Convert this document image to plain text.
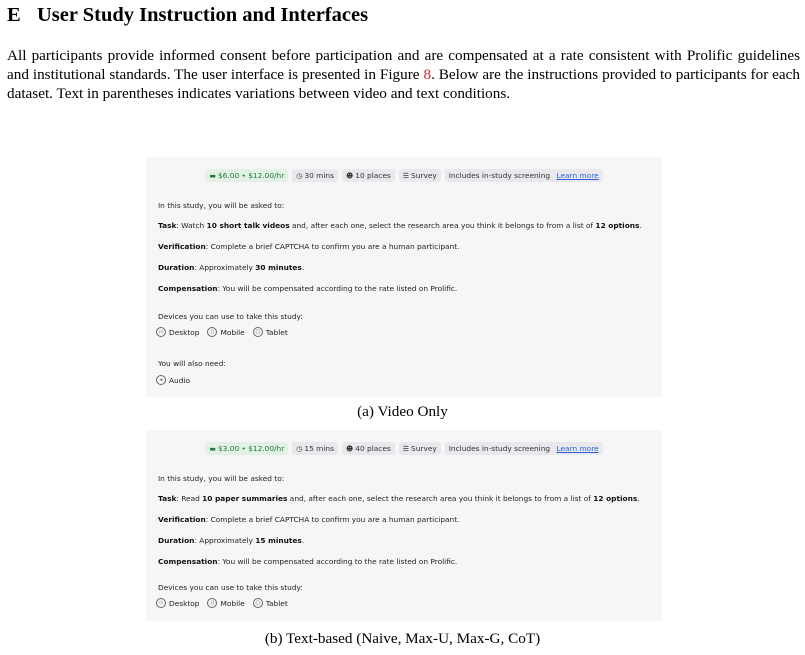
E User Study Instruction and Interfaces
All participants provide informed consent before participation and are compensated at a rate consistent with Prolific guidelines and institutional standards. The user interface is presented in Figure 8. Below are the instructions provided to participants for each dataset. Text in parentheses indicates variations between video and text conditions.
▬ $6.00 • $12.00/hr ◷ 30 mins ☻ 10 places ☰ Survey Includes in-study screening
Learn more
In this study, you will be asked to:
Task: Watch 10 short talk videos and, after each one, select the research area you think it belongs to from a list of 12 options.
Verification: Complete a brief CAPTCHA to confirm you are a human participant.
Duration: Approximately 30 minutes.
Compensation: You will be compensated according to the rate listed on Prolific.
Devices you can use to take this study:
▭ Desktop	▯ Mobile	▢ Tablet
You will also need:
◂ Audio
(a) Video Only
▬ $3.00 • $12.00/hr ◷ 15 mins ☻ 40 places ☰ Survey Includes in-study screening
Learn more
In this study, you will be asked to:
Task: Read 10 paper summaries and, after each one, select the research area you think it belongs to from a list of 12 options.
Verification: Complete a brief CAPTCHA to confirm you are a human participant.
Duration: Approximately 15 minutes.
Compensation: You will be compensated according to the rate listed on Prolific.
Devices you can use to take this study:
▭ Desktop	▯ Mobile	▢ Tablet
(b) Text-based (Naive, Max-U, Max-G, CoT)
